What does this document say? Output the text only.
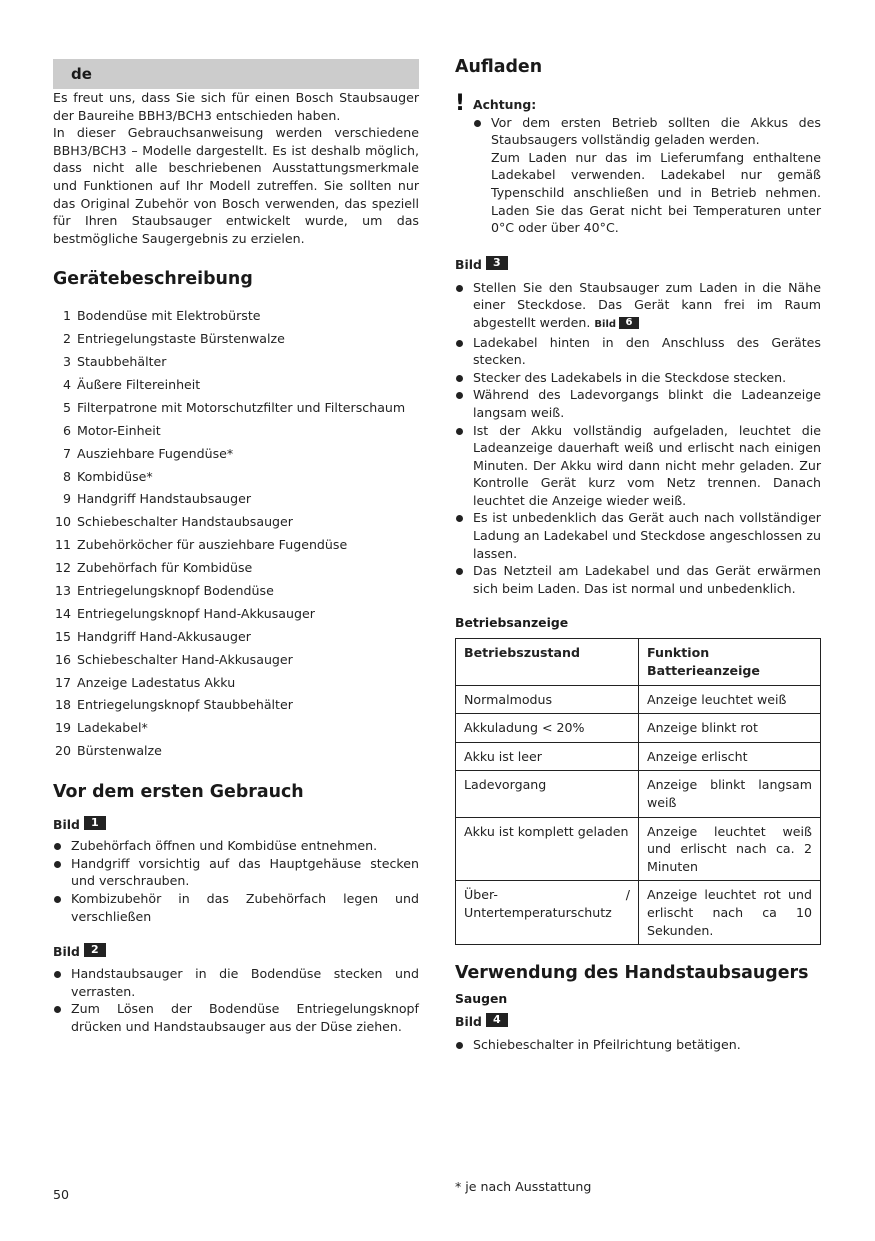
de

Es freut uns, dass Sie sich für einen Bosch Staubsauger der Baureihe BBH3/BCH3 entschieden haben.

In dieser Gebrauchsanweisung werden verschiedene BBH3/BCH3 – Modelle dargestellt. Es ist deshalb möglich, dass nicht alle beschriebenen Ausstattungsmerkmale und Funktionen auf Ihr Modell zutreffen. Sie sollten nur das Original Zubehör von Bosch verwenden, das speziell für Ihren Staubsauger entwickelt wurde, um das bestmögliche Saugergebnis zu erzielen.

Gerätebeschreibung
1 Bodendüse mit Elektrobürste
2 Entriegelungstaste Bürstenwalze
3 Staubbehälter
4 Äußere Filtereinheit
5 Filterpatrone mit Motorschutzfilter und Filterschaum
6 Motor-Einheit
7 Ausziehbare Fugendüse*
8 Kombidüse*
9 Handgriff Handstaubsauger
10 Schiebeschalter Handstaubsauger
11 Zubehörköcher für ausziehbare Fugendüse
12 Zubehörfach für Kombidüse
13 Entriegelungsknopf Bodendüse
14 Entriegelungsknopf Hand-Akkusauger
15 Handgriff Hand-Akkusauger
16 Schiebeschalter Hand-Akkusauger
17 Anzeige Ladestatus Akku
18 Entriegelungsknopf Staubbehälter
19 Ladekabel*
20 Bürstenwalze
Vor dem ersten Gebrauch
Bild 1
Zubehörfach öffnen und Kombidüse entnehmen.
Handgriff vorsichtig auf das Hauptgehäuse stecken und verschrauben.
Kombizubehör in das Zubehörfach legen und verschließen
Bild 2
Handstaubsauger in die Bodendüse stecken und verrasten.
Zum Lösen der Bodendüse Entriegelungsknopf drücken und Handstaubsauger aus der Düse ziehen.
Aufladen
! Achtung:
Vor dem ersten Betrieb sollten die Akkus des Staubsaugers vollständig geladen werden.
Zum Laden nur das im Lieferumfang enthaltene Ladekabel verwenden. Ladekabel nur gemäß Typenschild anschließen und in Betrieb nehmen. Laden Sie das Gerat nicht bei Temperaturen unter 0°C oder über 40°C.
Bild 3
Stellen Sie den Staubsauger zum Laden in die Nähe einer Steckdose. Das Gerät kann frei im Raum abgestellt werden. Bild 6
Ladekabel hinten in den Anschluss des Gerätes stecken.
Stecker des Ladekabels in die Steckdose stecken.
Während des Ladevorgangs blinkt die Ladeanzeige langsam weiß.
Ist der Akku vollständig aufgeladen, leuchtet die Ladeanzeige dauerhaft weiß und erlischt nach einigen Minuten. Der Akku wird dann nicht mehr geladen. Zur Kontrolle Gerät kurz vom Netz trennen. Danach leuchtet die Anzeige wieder weiß.
Es ist unbedenklich das Gerät auch nach vollständiger Ladung an Ladekabel und Steckdose angeschlossen zu lassen.
Das Netzteil am Ladekabel und das Gerät erwärmen sich beim Laden. Das ist normal und unbedenklich.
Betriebsanzeige
Betriebszustand	Funktion Batterieanzeige
Normalmodus	Anzeige leuchtet weiß
Akkuladung < 20%	Anzeige blinkt rot
Akku ist leer	Anzeige erlischt
Ladevorgang	Anzeige blinkt langsam weiß
Akku ist komplett geladen	Anzeige leuchtet weiß und erlischt nach ca. 2 Minuten
Über- / Untertemperaturschutz	Anzeige leuchtet rot und erlischt nach ca 10 Sekunden.
Verwendung des Handstaubsaugers
Saugen
Bild 4
Schiebeschalter in Pfeilrichtung betätigen.
50
* je nach Ausstattung
